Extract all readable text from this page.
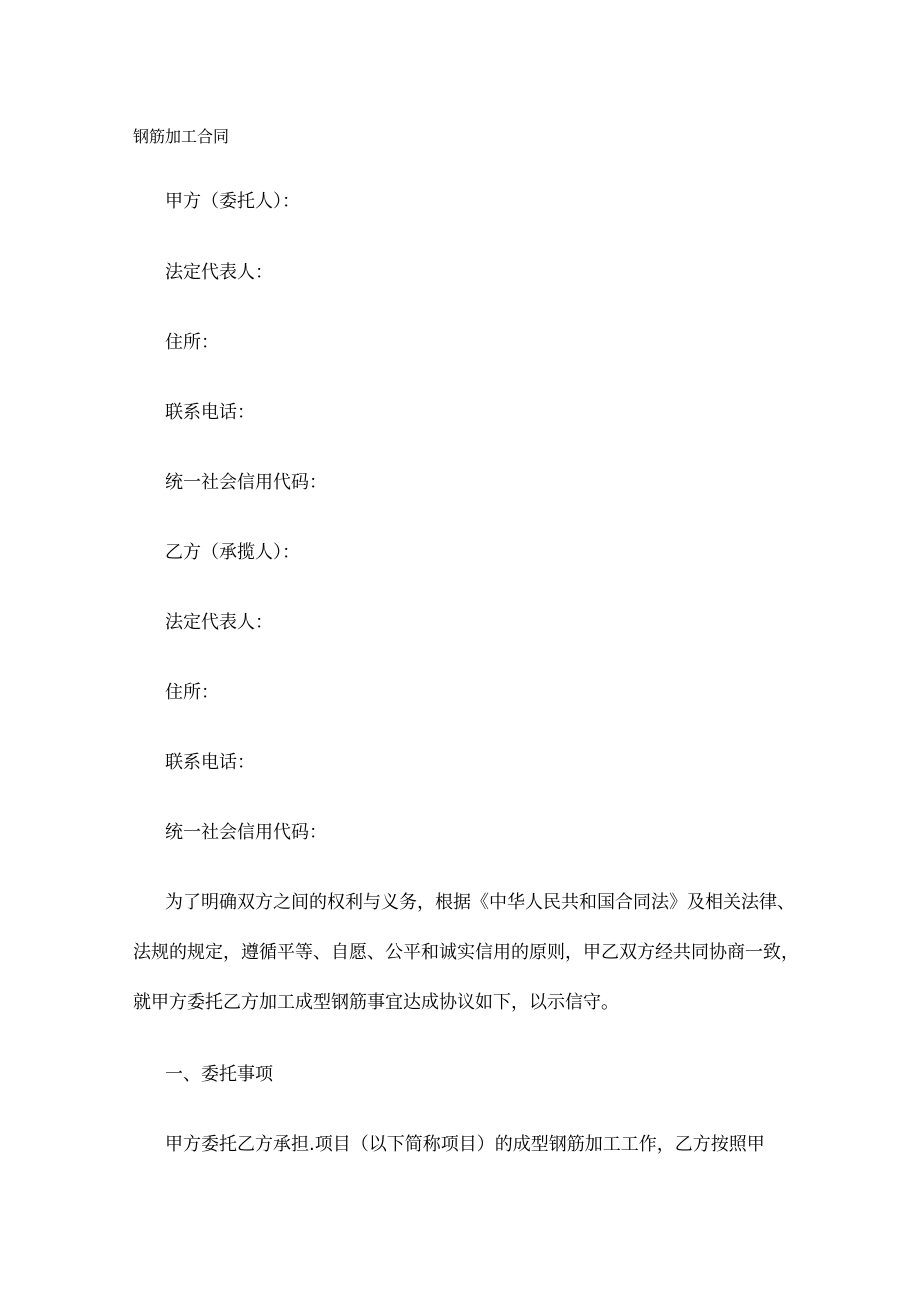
钢筋加工合同
甲方（委托人）：
法定代表人：
住所：
联系电话：
统一社会信用代码：
乙方（承揽人）：
法定代表人：
住所：
联系电话：
统一社会信用代码：
为了明确双方之间的权利与义务，根据《中华人民共和国合同法》及相关法律、
法规的规定，遵循平等、自愿、公平和诚实信用的原则，甲乙双方经共同协商一致，
就甲方委托乙方加工成型钢筋事宜达成协议如下，以示信守。
一、委托事项
甲方委托乙方承担.项目（以下简称项目）的成型钢筋加工工作，乙方按照甲
